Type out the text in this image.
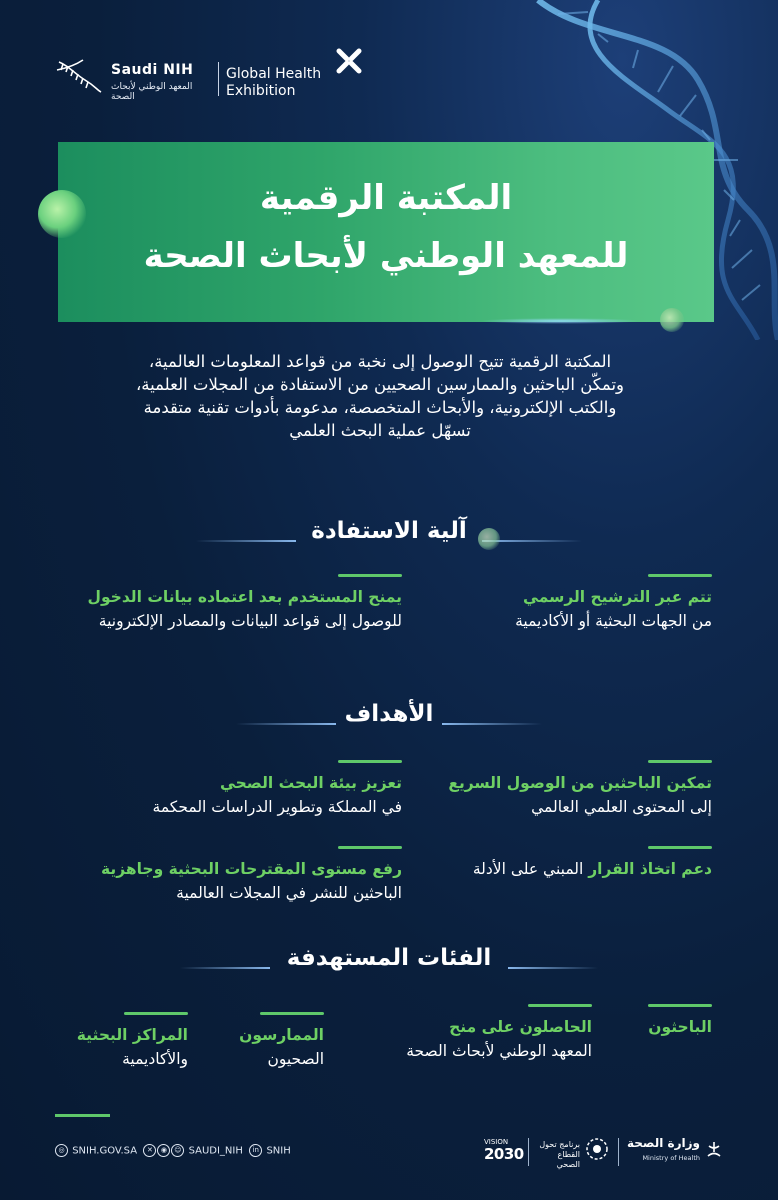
Saudi NIH
المعهد الوطني لأبحاث الصحة
Global Health
Exhibition
المكتبة الرقمية
للمعهد الوطني لأبحاث الصحة
المكتبة الرقمية تتيح الوصول إلى نخبة من قواعد المعلومات العالمية،
وتمكّن الباحثين والممارسين الصحيين من الاستفادة من المجلات العلمية،
والكتب الإلكترونية، والأبحاث المتخصصة، مدعومة بأدوات تقنية متقدمة
تسهّل عملية البحث العلمي
آلية الاستفادة
تتم عبر الترشيح الرسمي
من الجهات البحثية أو الأكاديمية
يمنح المستخدم بعد اعتماده بيانات الدخول
للوصول إلى قواعد البيانات والمصادر الإلكترونية
الأهداف
تمكين الباحثين من الوصول السريع
إلى المحتوى العلمي العالمي
تعزيز بيئة البحث الصحي
في المملكة وتطوير الدراسات المحكمة
دعم اتخاذ القرار المبني على الأدلة
رفع مستوى المقترحات البحثية وجاهزية
الباحثين للنشر في المجلات العالمية
الفئات المستهدفة
الباحثون
الحاصلون على منح
المعهد الوطني لأبحاث الصحة
الممارسون
الصحيون
المراكز البحثية
والأكاديمية
◎ SNIH.GOV.SA ✕ ◉ ☺ SAUDI_NIH in SNIH
VISION
2030
برنامج تحول
القطاع الصحي
وزارة الصحة
Ministry of Health
